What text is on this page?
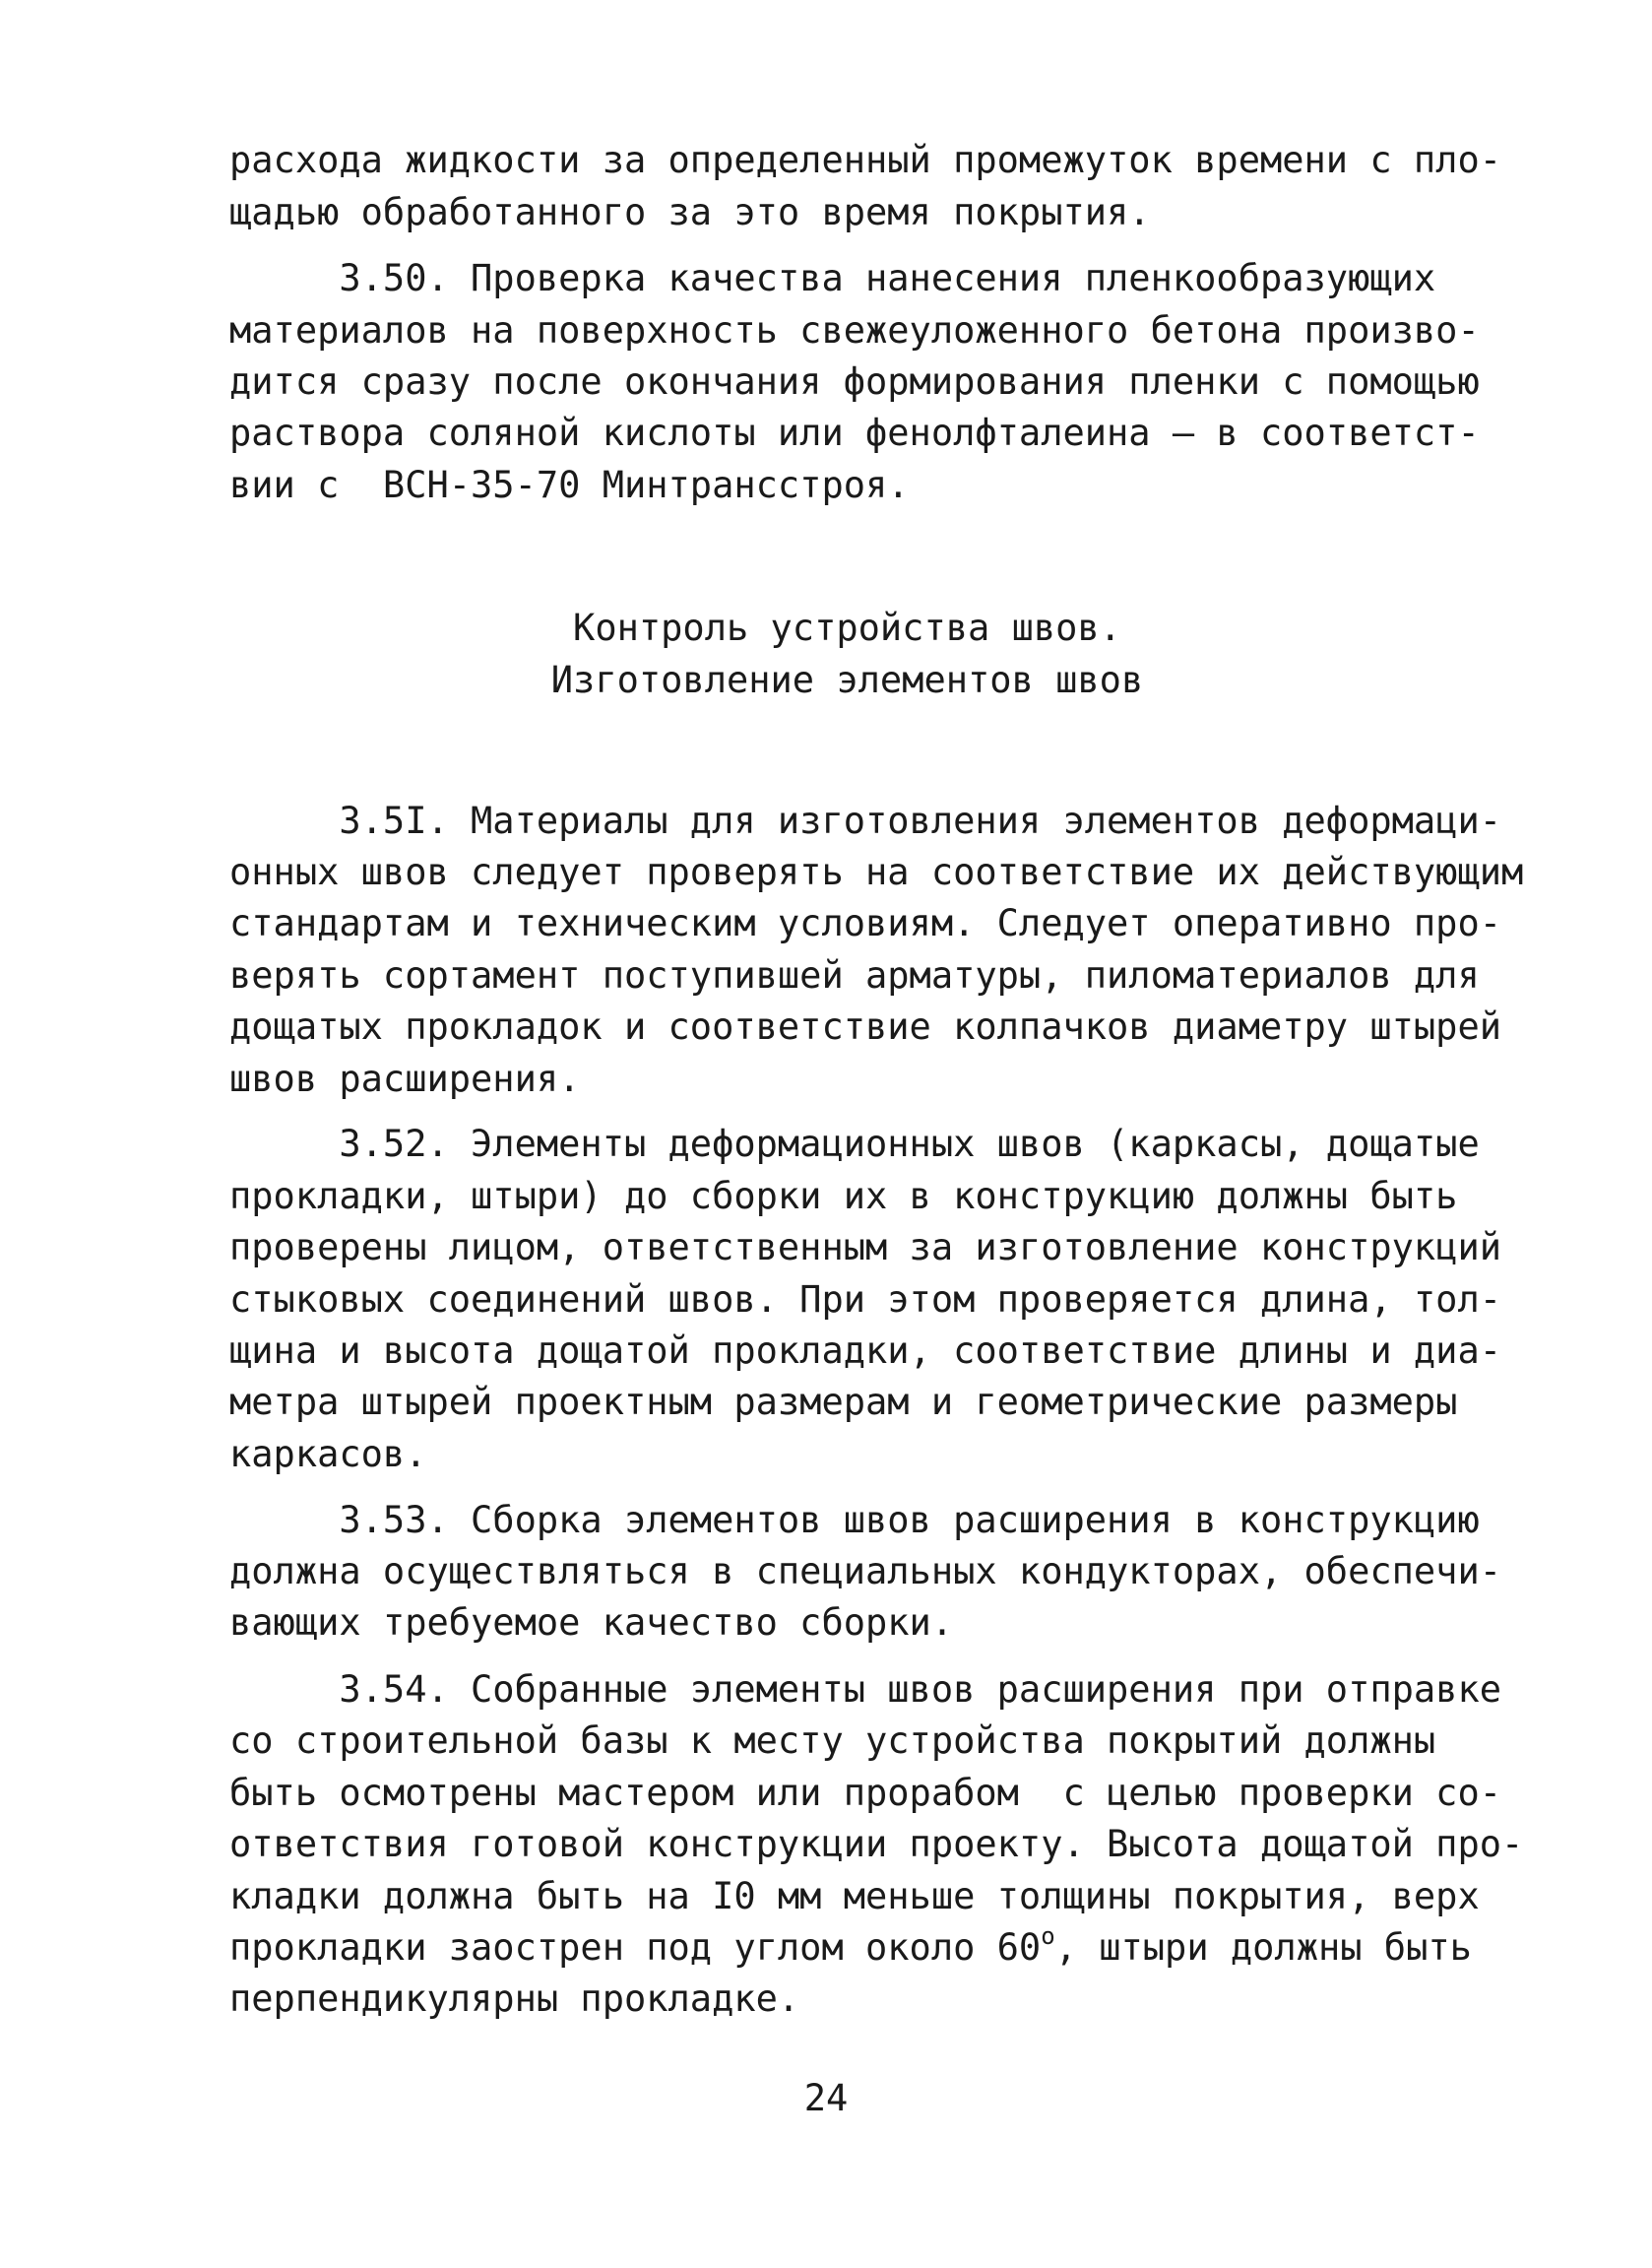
расхода жидкости за определенный промежуток времени с пло-
щадью обработанного за это время покрытия.
3.50. Проверка качества нанесения пленкообразующих
материалов на поверхность свежеуложенного бетона произво-
дится сразу после окончания формирования пленки с помощью
раствора соляной кислоты или фенолфталеина – в соответст-
вии с  ВСН-35-70 Минтрансстроя.
Контроль устройства швов.
Изготовление элементов швов
3.5I. Материалы для изготовления элементов деформаци-
онных швов следует проверять на соответствие их действующим
стандартам и техническим условиям. Следует оперативно про-
верять сортамент поступившей арматуры, пиломатериалов для
дощатых прокладок и соответствие колпачков диаметру штырей
швов расширения.
3.52. Элементы деформационных швов (каркасы, дощатые
прокладки, штыри) до сборки их в конструкцию должны быть
проверены лицом, ответственным за изготовление конструкций
стыковых соединений швов. При этом проверяется длина, тол-
щина и высота дощатой прокладки, соответствие длины и диа-
метра штырей проектным размерам и геометрические размеры
каркасов.
3.53. Сборка элементов швов расширения в конструкцию
должна осуществляться в специальных кондукторах, обеспечи-
вающих требуемое качество сборки.
3.54. Собранные элементы швов расширения при отправке
со строительной базы к месту устройства покрытий должны
быть осмотрены мастером или прорабом  с целью проверки со-
ответствия готовой конструкции проекту. Высота дощатой про-
кладки должна быть на I0 мм меньше толщины покрытия, верх
прокладки заострен под углом около $60^о$, штыри должны быть
перпендикулярны прокладке.
24
